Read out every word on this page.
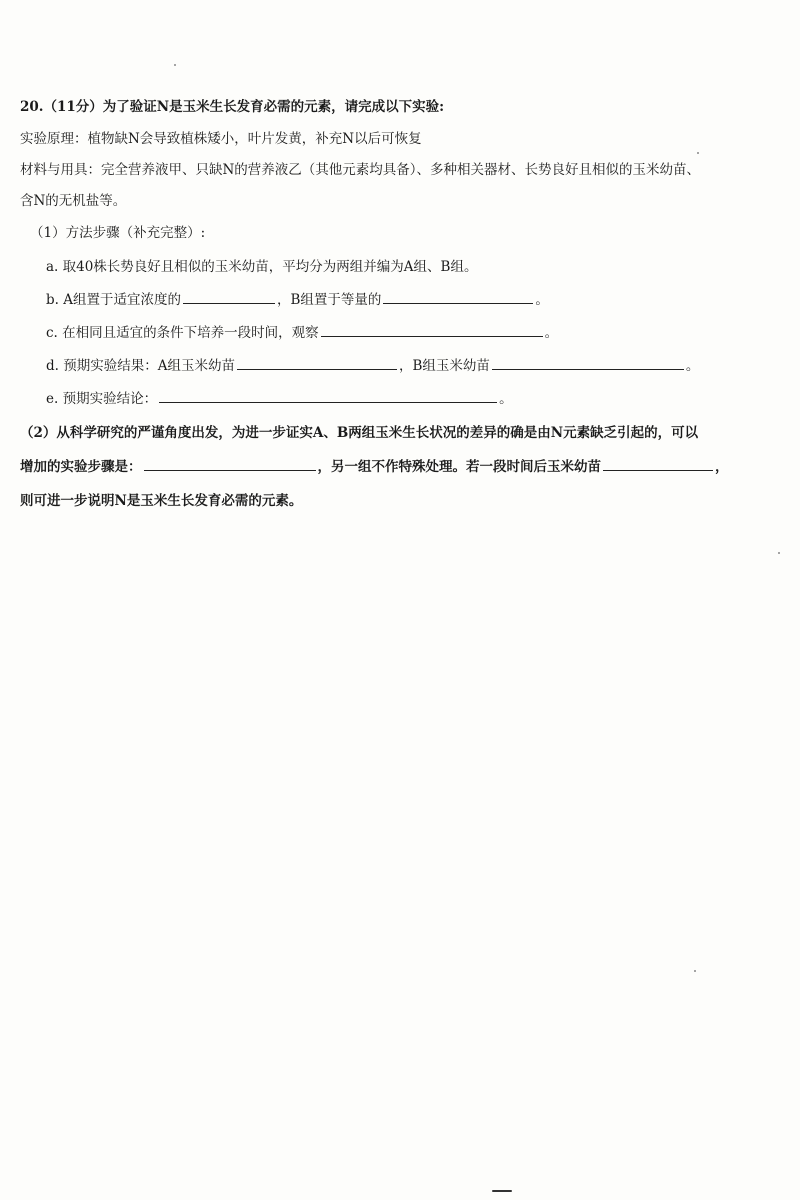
20.（11分）为了验证N是玉米生长发育必需的元素，请完成以下实验:
实验原理：植物缺N会导致植株矮小，叶片发黄，补充N以后可恢复
材料与用具：完全营养液甲、只缺N的营养液乙（其他元素均具备）、多种相关器材、长势良好且相似的玉米幼苗、
含N的无机盐等。
（1）方法步骤（补充完整）:
a. 取40株长势良好且相似的玉米幼苗，平均分为两组并编为A组、B组。
b. A组置于适宜浓度的	，B组置于等量的	。
c. 在相同且适宜的条件下培养一段时间，观察	。
d. 预期实验结果：A组玉米幼苗	，B组玉米幼苗	。
e. 预期实验结论：	。
（2）从科学研究的严谨角度出发，为进一步证实A、B两组玉米生长状况的差异的确是由N元素缺乏引起的，可以
增加的实验步骤是：	，另一组不作特殊处理。若一段时间后玉米幼苗	，
则可进一步说明N是玉米生长发育必需的元素。
